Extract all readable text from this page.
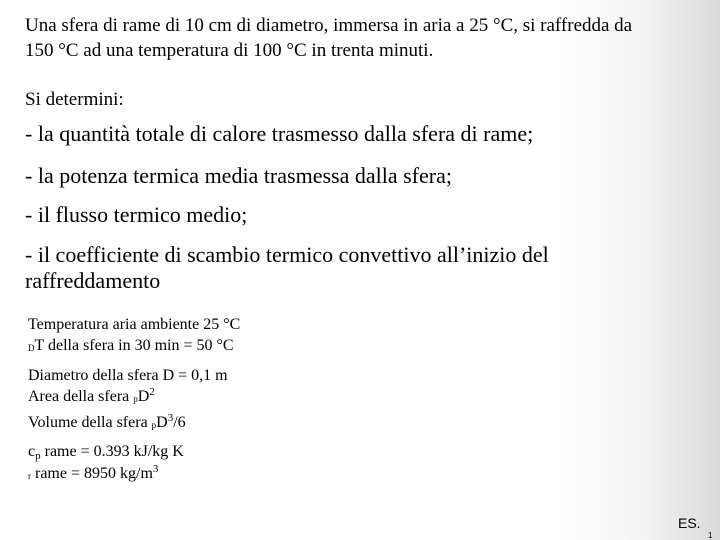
Una sfera di rame di 10 cm di diametro, immersa in aria a 25 °C, si raffredda da 150 °C ad una temperatura di 100 °C in trenta minuti.

Si determini:

- la quantità totale di calore trasmesso dalla sfera di rame;

- la potenza termica media trasmessa dalla sfera;

- il flusso termico medio;

- il coefficiente di scambio termico convettivo all’inizio del raffreddamento

Temperatura aria ambiente 25 °C

DT della sfera in 30 min = 50 °C

Diametro della sfera D = 0,1 m

Area della sfera $pD^2$

Volume della sfera $pD^3/6$

$c_p$ rame = 0.393 kJ/kg K

r rame = 8950 $kg/m^3$

ES.
1
